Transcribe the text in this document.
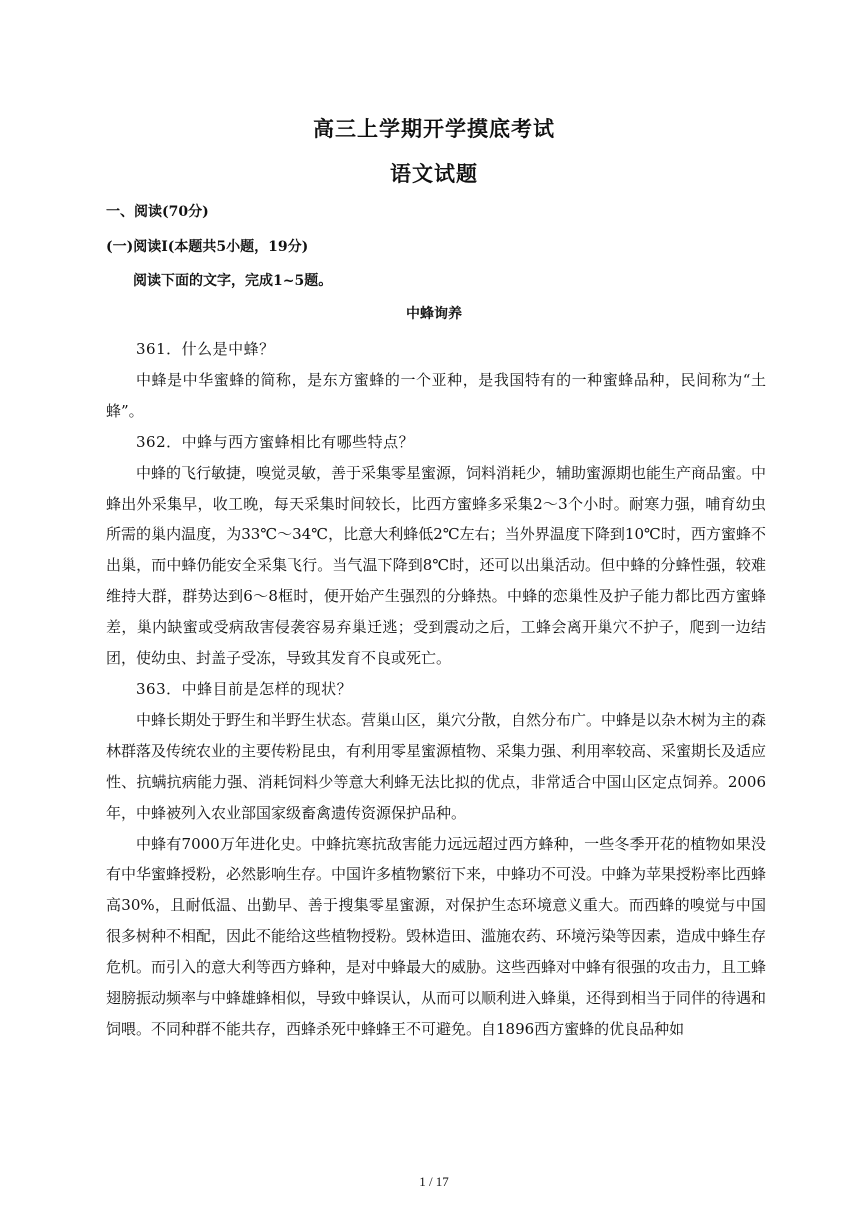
高三上学期开学摸底考试
语文试题
一、阅读(70分)
(一)阅读Ⅰ(本题共5小题，19分)
阅读下面的文字，完成1~5题。
中蜂询养

361．什么是中蜂？

中蜂是中华蜜蜂的简称，是东方蜜蜂的一个亚种，是我国特有的一种蜜蜂品种，民间称为“土蜂”。

362．中蜂与西方蜜蜂相比有哪些特点？

中蜂的飞行敏捷，嗅觉灵敏，善于采集零星蜜源，饲料消耗少，辅助蜜源期也能生产商品蜜。中蜂出外采集早，收工晚，每天采集时间较长，比西方蜜蜂多采集2～3个小时。耐寒力强，哺育幼虫所需的巢内温度，为33℃～34℃，比意大利蜂低2℃左右；当外界温度下降到10℃时，西方蜜蜂不出巢，而中蜂仍能安全采集飞行。当气温下降到8℃时，还可以出巢活动。但中蜂的分蜂性强，较难维持大群，群势达到6～8框时，便开始产生强烈的分蜂热。中蜂的恋巢性及护子能力都比西方蜜蜂差，巢内缺蜜或受病敌害侵袭容易弃巢迁逃；受到震动之后，工蜂会离开巢穴不护子，爬到一边结团，使幼虫、封盖子受冻，导致其发育不良或死亡。

363．中蜂目前是怎样的现状？

中蜂长期处于野生和半野生状态。营巢山区，巢穴分散，自然分布广。中蜂是以杂木树为主的森林群落及传统农业的主要传粉昆虫，有利用零星蜜源植物、采集力强、利用率较高、采蜜期长及适应性、抗螨抗病能力强、消耗饲料少等意大利蜂无法比拟的优点，非常适合中国山区定点饲养。2006年，中蜂被列入农业部国家级畜禽遗传资源保护品种。

中蜂有7000万年进化史。中蜂抗寒抗敌害能力远远超过西方蜂种，一些冬季开花的植物如果没有中华蜜蜂授粉，必然影响生存。中国许多植物繁衍下来，中蜂功不可没。中蜂为苹果授粉率比西蜂高30%，且耐低温、出勤早、善于搜集零星蜜源，对保护生态环境意义重大。而西蜂的嗅觉与中国很多树种不相配，因此不能给这些植物授粉。毁林造田、滥施农药、环境污染等因素，造成中蜂生存危机。而引入的意大利等西方蜂种，是对中蜂最大的威胁。这些西蜂对中蜂有很强的攻击力，且工蜂翅膀振动频率与中蜂雄蜂相似，导致中蜂误认，从而可以顺利进入蜂巢，还得到相当于同伴的待遇和饲喂。不同种群不能共存，西蜂杀死中蜂蜂王不可避免。自1896西方蜜蜂的优良品种如

1 / 17
